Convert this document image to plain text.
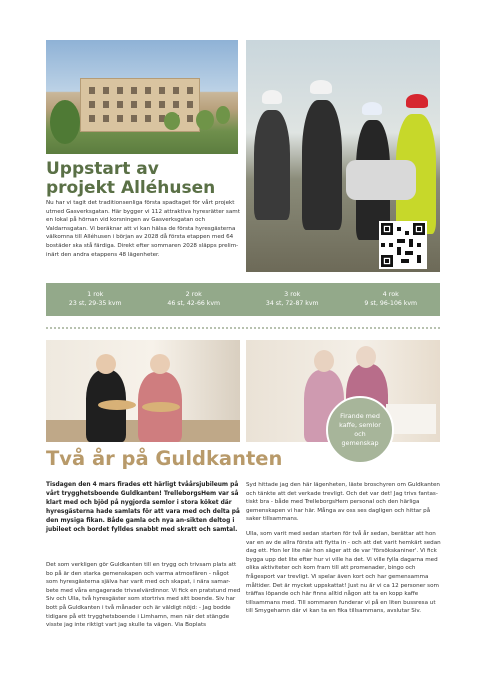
Uppstart av
projekt Alléhusen
Nu har vi tagit det traditionsenliga första spadtaget för vårt projekt utmed Gasverksgatan. Här bygger vi 112 attraktiva hyresrätter samt en lokal på hörnan vid korsningen av Gasverksgatan och Valdarnsgatan. Vi beräknar att vi kan hälsa de första hyresgästerna välkomna till Alléhusen i början av 2028 då första etappen med 64 bostäder ska stå färdiga. Direkt efter sommaren 2028 släpps prelim-inärt den andra etappens 48 lägenheter.
1 rok
23 st, 29-35 kvm
2 rok
46 st, 42-66 kvm
3 rok
34 st, 72-87 kvm
4 rok
9 st, 96-106 kvm
Firande med kaffe, semlor och gemenskap
Två år på Guldkanten
Tisdagen den 4 mars firades ett härligt tvåårsjubileum på vårt trygghetsboende Guldkanten! TrelleborgsHem var så klart med och bjöd på nygjorda semlor i stora köket där hyresgästerna hade samlats för att vara med och delta på den mysiga fikan. Både gamla och nya an-sikten deltog i jubileet och bordet fylldes snabbt med skratt och samtal.

Det som verkligen gör Guldkanten till en trygg och trivsam plats att bo på är den starka gemenskapen och varma atmosfären - något som hyresgästerna själva har varit med och skapat, i nära samar-bete med våra engagerade trivselvärdinnor. Vi fick en pratstund med Siv och Ulla, två hyresgäster som stortrivs med sitt boende. Siv har bott på Guldkanten i två månader och är väldigt nöjd: - Jag bodde tidigare på ett trygghetsboende i Limhamn, men när det stängde visste jag inte riktigt vart jag skulle ta vägen. Via Boplats

Syd hittade jag den här lägenheten, läste broschyren om Guldkanten och tänkte att det verkade trevligt. Och det var det! Jag trivs fantas-tiskt bra - både med TrelleborgsHem personal och den härliga gemenskapen vi har här. Många av oss ses dagligen och hittar på saker tillsammans.

Ulla, som varit med sedan starten för två år sedan, berättar att hon var en av de allra första att flytta in - och att det varit hemkärt sedan dag ett. Hon ler lite när hon säger att de var 'försökskaniner'. Vi fick bygga upp det lite efter hur vi ville ha det. Vi ville fylla dagarna med olika aktiviteter och kom fram till att promenader, bingo och frågesport var trevligt. Vi spelar även kort och har gemensamma måltider. Det är mycket uppskattat! Just nu är vi ca 12 personer som träffas löpande och här finns alltid någon att ta en kopp kaffe tillsammans med. Till sommaren funderar vi på en liten bussresa ut till Smygehamn där vi kan ta en fika tillsammans, avslutar Siv.
